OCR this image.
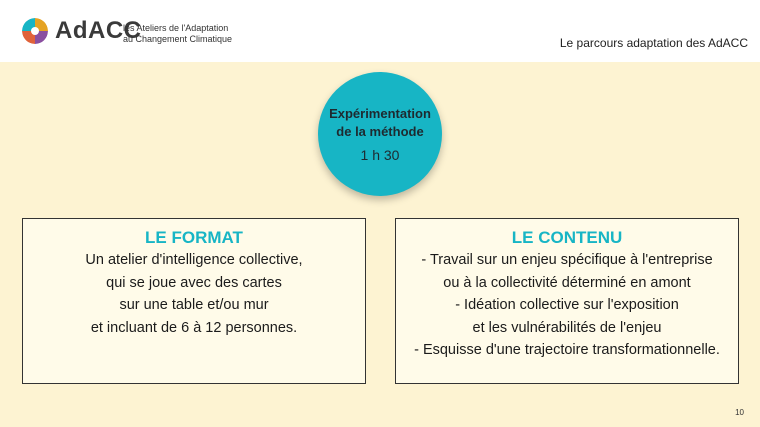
AdACC
les Ateliers de l'Adaptation
au Changement Climatique	Le parcours adaptation des AdACC
Expérimentation
de la méthode
1 h 30
LE FORMAT

Un atelier d'intelligence collective,

qui se joue avec des cartes

sur une table et/ou mur

et incluant de 6 à 12 personnes.

LE CONTENU

- Travail sur un enjeu spécifique à l'entreprise

ou à la collectivité déterminé en amont

- Idéation collective sur l'exposition

et les vulnérabilités de l'enjeu

- Esquisse d'une trajectoire transformationnelle.

10
